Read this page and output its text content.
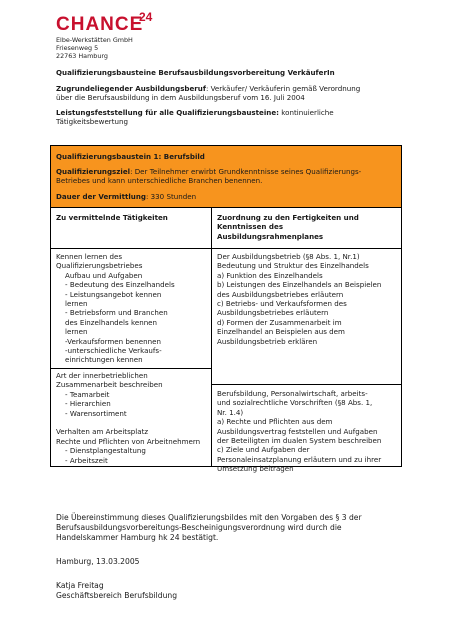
CHANCE
24
Elbe-Werkstätten GmbH
Friesenweg 5
22763 Hamburg
Qualifizierungsbausteine Berufsausbildungsvorbereitung VerkäuferIn
Zugrundeliegender Ausbildungsberuf: Verkäufer/ Verkäuferin gemäß Verordnung
über die Berufsausbildung in dem Ausbildungsberuf vom 16. Juli 2004
Leistungsfeststellung für alle Qualifizierungsbausteine: kontinuierliche
Tätigkeitsbewertung
Qualifizierungsbaustein 1: Berufsbild
Qualifizierungsziel: Der Teilnehmer erwirbt Grundkenntnisse seines Qualifizierungs-
Betriebes und kann unterschiedliche Branchen benennen.
Dauer der Vermittlung: 330 Stunden
Zu vermittelnde Tätigkeiten	Zuordnung zu den Fertigkeiten und
Kenntnissen des
Ausbildungsrahmenplanes
Kennen lernen des
Qualifizierungsbetriebes
Aufbau und Aufgaben
- Bedeutung des Einzelhandels
- Leistungsangebot kennen
lernen
- Betriebsform und Branchen
des Einzelhandels kennen
lernen
-Verkaufsformen benennen
-unterschiedliche Verkaufs-
einrichtungen kennen
Der Ausbildungsbetrieb (§8 Abs. 1, Nr.1)
Bedeutung und Struktur des Einzelhandels
a) Funktion des Einzelhandels
b) Leistungen des Einzelhandels an Beispielen
des Ausbildungsbetriebes erläutern
c) Betriebs- und Verkaufsformen des
Ausbildungsbetriebes erläutern
d) Formen der Zusammenarbeit im
Einzelhandel an Beispielen aus dem
Ausbildungsbetrieb erklären
Art der innerbetrieblichen
Zusammenarbeit beschreiben
- Teamarbeit
- Hierarchien
- Warensortiment
Verhalten am Arbeitsplatz
Rechte und Pflichten von Arbeitnehmern
- Dienstplangestaltung
- Arbeitszeit
Berufsbildung, Personalwirtschaft, arbeits-
und sozialrechtliche Vorschriften (§8 Abs. 1,
Nr. 1.4)
a) Rechte und Pflichten aus dem
Ausbildungsvertrag feststellen und Aufgaben
der Beteiligten im dualen System beschreiben
c) Ziele und Aufgaben der
Personaleinsatzplanung erläutern und zu ihrer
Umsetzung beitragen
Die Übereinstimmung dieses Qualifizierungsbildes mit den Vorgaben des § 3 der
Berufsausbildungsvorbereitungs-Bescheinigungsverordnung wird durch die
Handelskammer Hamburg hk 24 bestätigt.
Hamburg, 13.03.2005
Katja Freitag
Geschäftsbereich Berufsbildung
